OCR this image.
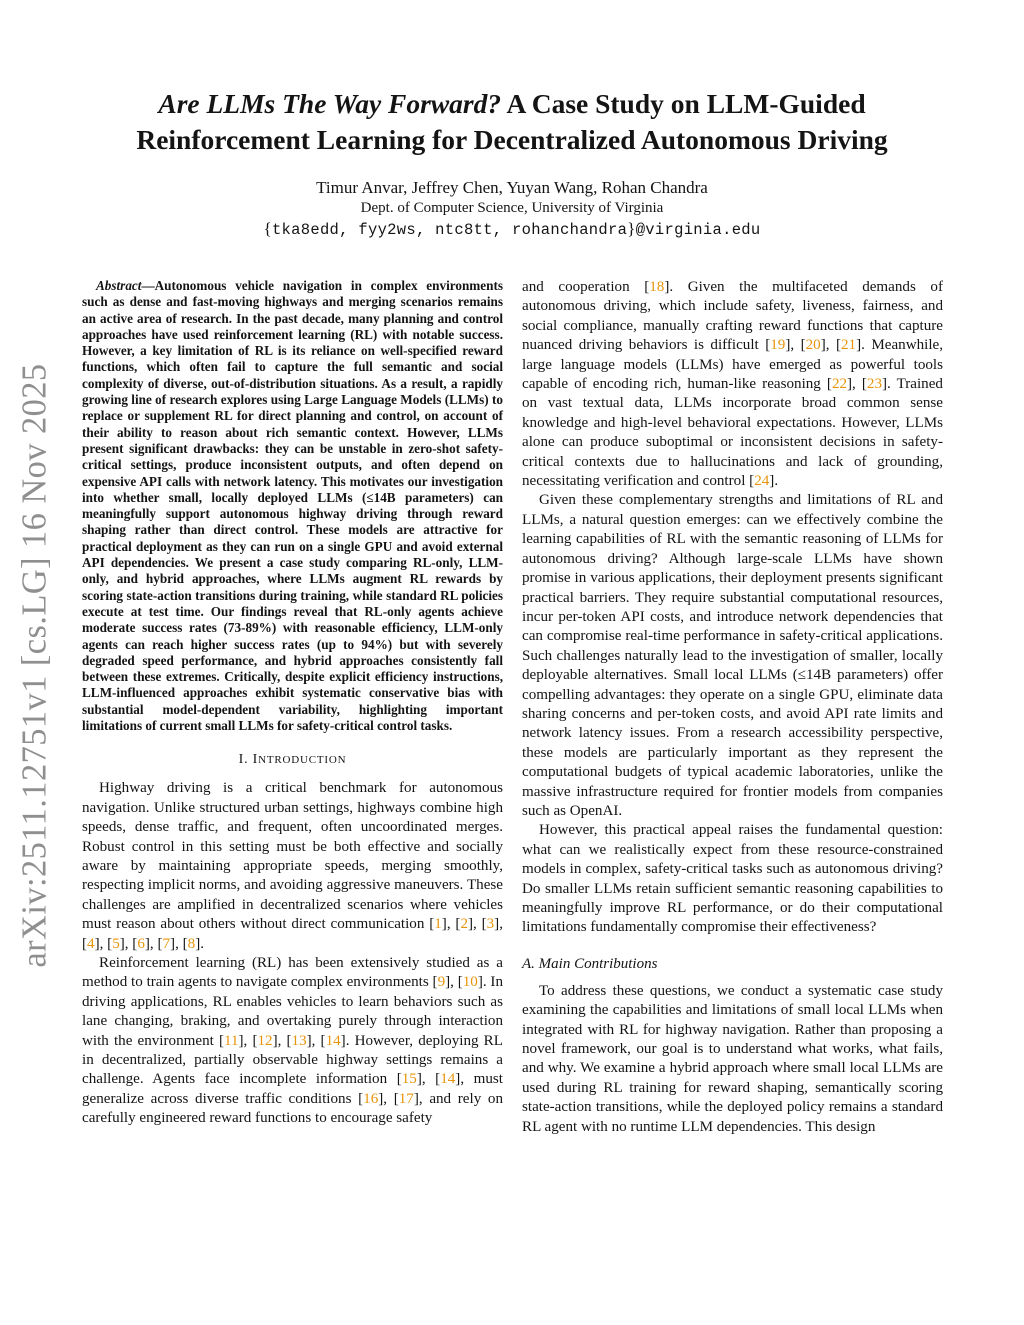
arXiv:2511.12751v1 [cs.LG] 16 Nov 2025
Are LLMs The Way Forward? A Case Study on LLM-Guided
Reinforcement Learning for Decentralized Autonomous Driving
Timur Anvar, Jeffrey Chen, Yuyan Wang, Rohan Chandra
Dept. of Computer Science, University of Virginia
{tka8edd, fyy2ws, ntc8tt, rohanchandra}@virginia.edu

Abstract—Autonomous vehicle navigation in complex environments such as dense and fast-moving highways and merging scenarios remains an active area of research. In the past decade, many planning and control approaches have used reinforcement learning (RL) with notable success. However, a key limitation of RL is its reliance on well-specified reward functions, which often fail to capture the full semantic and social complexity of diverse, out-of-distribution situations. As a result, a rapidly growing line of research explores using Large Language Models (LLMs) to replace or supplement RL for direct planning and control, on account of their ability to reason about rich semantic context. However, LLMs present significant drawbacks: they can be unstable in zero-shot safety-critical settings, produce inconsistent outputs, and often depend on expensive API calls with network latency. This motivates our investigation into whether small, locally deployed LLMs (≤14B parameters) can meaningfully support autonomous highway driving through reward shaping rather than direct control. These models are attractive for practical deployment as they can run on a single GPU and avoid external API dependencies. We present a case study comparing RL-only, LLM-only, and hybrid approaches, where LLMs augment RL rewards by scoring state-action transitions during training, while standard RL policies execute at test time. Our findings reveal that RL-only agents achieve moderate success rates (73-89%) with reasonable efficiency, LLM-only agents can reach higher success rates (up to 94%) but with severely degraded speed performance, and hybrid approaches consistently fall between these extremes. Critically, despite explicit efficiency instructions, LLM-influenced approaches exhibit systematic conservative bias with substantial model-dependent variability, highlighting important limitations of current small LLMs for safety-critical control tasks.

I. INTRODUCTION

Highway driving is a critical benchmark for autonomous navigation. Unlike structured urban settings, highways combine high speeds, dense traffic, and frequent, often uncoordinated merges. Robust control in this setting must be both effective and socially aware by maintaining appropriate speeds, merging smoothly, respecting implicit norms, and avoiding aggressive maneuvers. These challenges are amplified in decentralized scenarios where vehicles must reason about others without direct communication [1], [2], [3], [4], [5], [6], [7], [8].

Reinforcement learning (RL) has been extensively studied as a method to train agents to navigate complex environments [9], [10]. In driving applications, RL enables vehicles to learn behaviors such as lane changing, braking, and overtaking purely through interaction with the environment [11], [12], [13], [14]. However, deploying RL in decentralized, partially observable highway settings remains a challenge. Agents face incomplete information [15], [14], must generalize across diverse traffic conditions [16], [17], and rely on carefully engineered reward functions to encourage safety

and cooperation [18]. Given the multifaceted demands of autonomous driving, which include safety, liveness, fairness, and social compliance, manually crafting reward functions that capture nuanced driving behaviors is difficult [19], [20], [21]. Meanwhile, large language models (LLMs) have emerged as powerful tools capable of encoding rich, human-like reasoning [22], [23]. Trained on vast textual data, LLMs incorporate broad common sense knowledge and high-level behavioral expectations. However, LLMs alone can produce suboptimal or inconsistent decisions in safety-critical contexts due to hallucinations and lack of grounding, necessitating verification and control [24].

Given these complementary strengths and limitations of RL and LLMs, a natural question emerges: can we effectively combine the learning capabilities of RL with the semantic reasoning of LLMs for autonomous driving? Although large-scale LLMs have shown promise in various applications, their deployment presents significant practical barriers. They require substantial computational resources, incur per-token API costs, and introduce network dependencies that can compromise real-time performance in safety-critical applications. Such challenges naturally lead to the investigation of smaller, locally deployable alternatives. Small local LLMs (≤14B parameters) offer compelling advantages: they operate on a single GPU, eliminate data sharing concerns and per-token costs, and avoid API rate limits and network latency issues. From a research accessibility perspective, these models are particularly important as they represent the computational budgets of typical academic laboratories, unlike the massive infrastructure required for frontier models from companies such as OpenAI.

However, this practical appeal raises the fundamental question: what can we realistically expect from these resource-constrained models in complex, safety-critical tasks such as autonomous driving? Do smaller LLMs retain sufficient semantic reasoning capabilities to meaningfully improve RL performance, or do their computational limitations fundamentally compromise their effectiveness?

A. Main Contributions

To address these questions, we conduct a systematic case study examining the capabilities and limitations of small local LLMs when integrated with RL for highway navigation. Rather than proposing a novel framework, our goal is to understand what works, what fails, and why. We examine a hybrid approach where small local LLMs are used during RL training for reward shaping, semantically scoring state-action transitions, while the deployed policy remains a standard RL agent with no runtime LLM dependencies. This design
